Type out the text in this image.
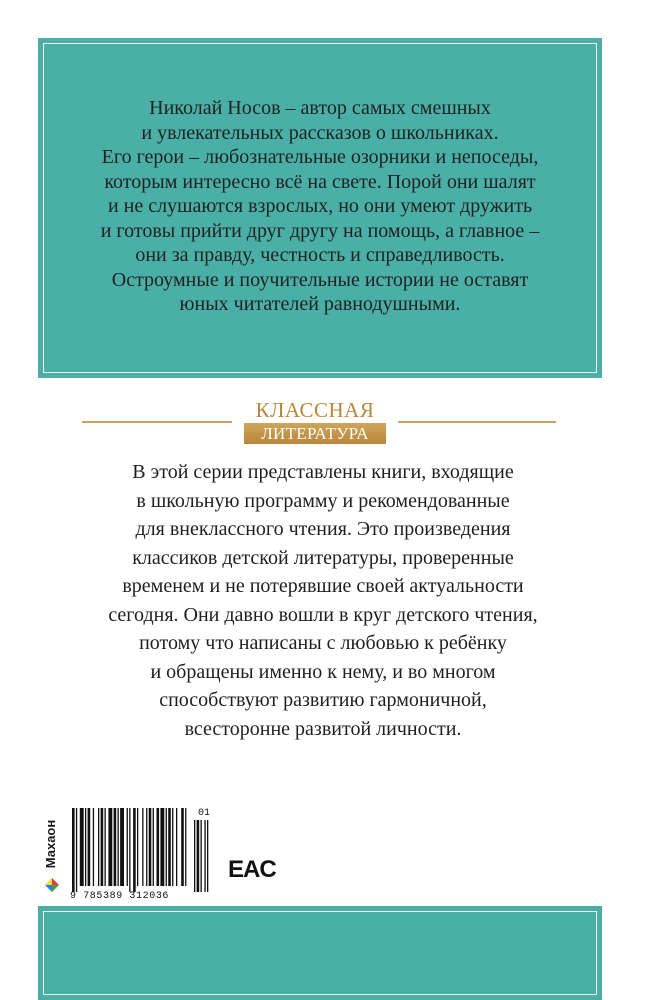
Николай Носов – автор самых смешных
и увлекательных рассказов о школьниках.
Его герои – любознательные озорники и непоседы,
которым интересно всё на свете. Порой они шалят
и не слушаются взрослых, но они умеют дружить
и готовы прийти друг другу на помощь, а главное –
они за правду, честность и справедливость.
Остроумные и поучительные истории не оставят
юных читателей равнодушными.

КЛАССНАЯ
ЛИТЕРАТУРА

В этой серии представлены книги, входящие
в школьную программу и рекомендованные
для внеклассного чтения. Это произведения
классиков детской литературы, проверенные
временем и не потерявшие своей актуальности
сегодня. Они давно вошли в круг детского чтения,
потому что написаны с любовью к ребёнку
и обращены именно к нему, и во многом
способствуют развитию гармоничной,
всесторонне развитой личности.

Махаон
9 785389 312036
01
EAC
